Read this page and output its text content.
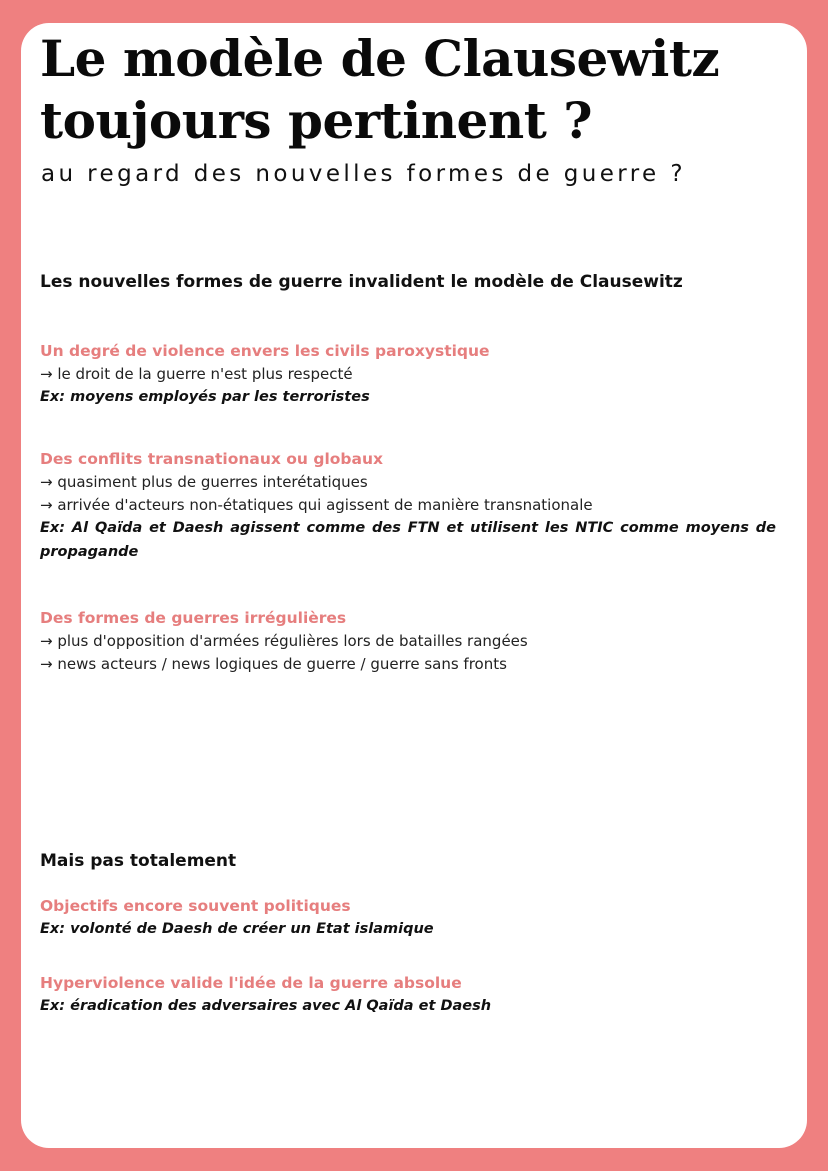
Le modèle de Clausewitz
toujours pertinent ?
au regard des nouvelles formes de guerre ?
Les nouvelles formes de guerre invalident le modèle de Clausewitz
Un degré de violence envers les civils paroxystique
→ le droit de la guerre n'est plus respecté
Ex: moyens employés par les terroristes
Des conflits transnationaux ou globaux
→ quasiment plus de guerres interétatiques
→ arrivée d'acteurs non-étatiques qui agissent de manière transnationale
Ex: Al Qaïda et Daesh agissent comme des FTN et utilisent les NTIC comme moyens de propagande
Des formes de guerres irrégulières
→ plus d'opposition d'armées régulières lors de batailles rangées
→ news acteurs / news logiques de guerre / guerre sans fronts
Mais pas totalement
Objectifs encore souvent politiques
Ex: volonté de Daesh de créer un Etat islamique
Hyperviolence valide l'idée de la guerre absolue
Ex: éradication des adversaires avec Al Qaïda et Daesh
